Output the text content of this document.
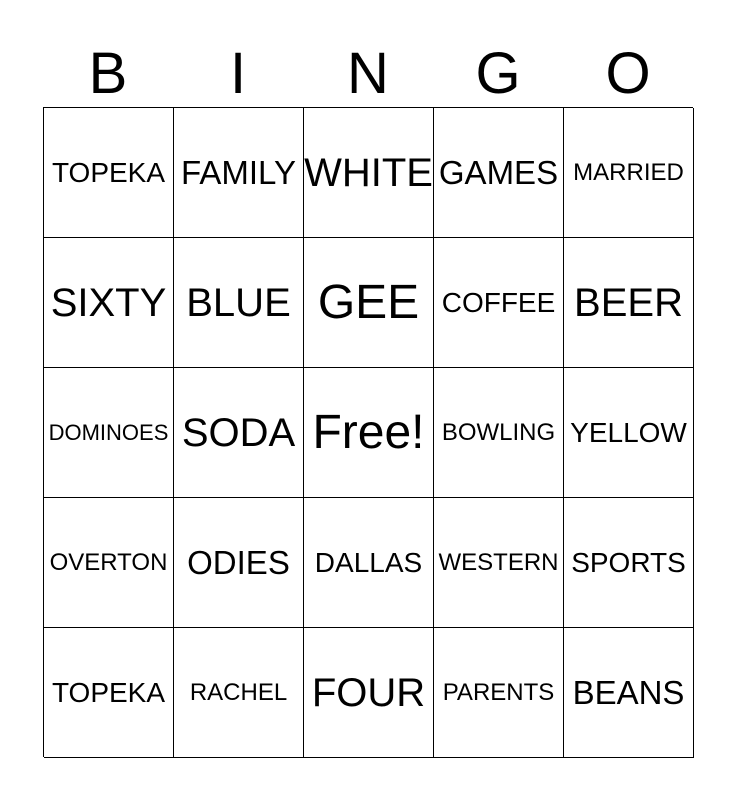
B	I	N	G	O
TOPEKA FAMILY WHITE GAMES MARRIED
SIXTY BLUE GEE COFFEE BEER
DOMINOES SODA Free! BOWLING YELLOW
OVERTON ODIES DALLAS WESTERN SPORTS
TOPEKA	RACHEL FOUR PARENTS BEANS
